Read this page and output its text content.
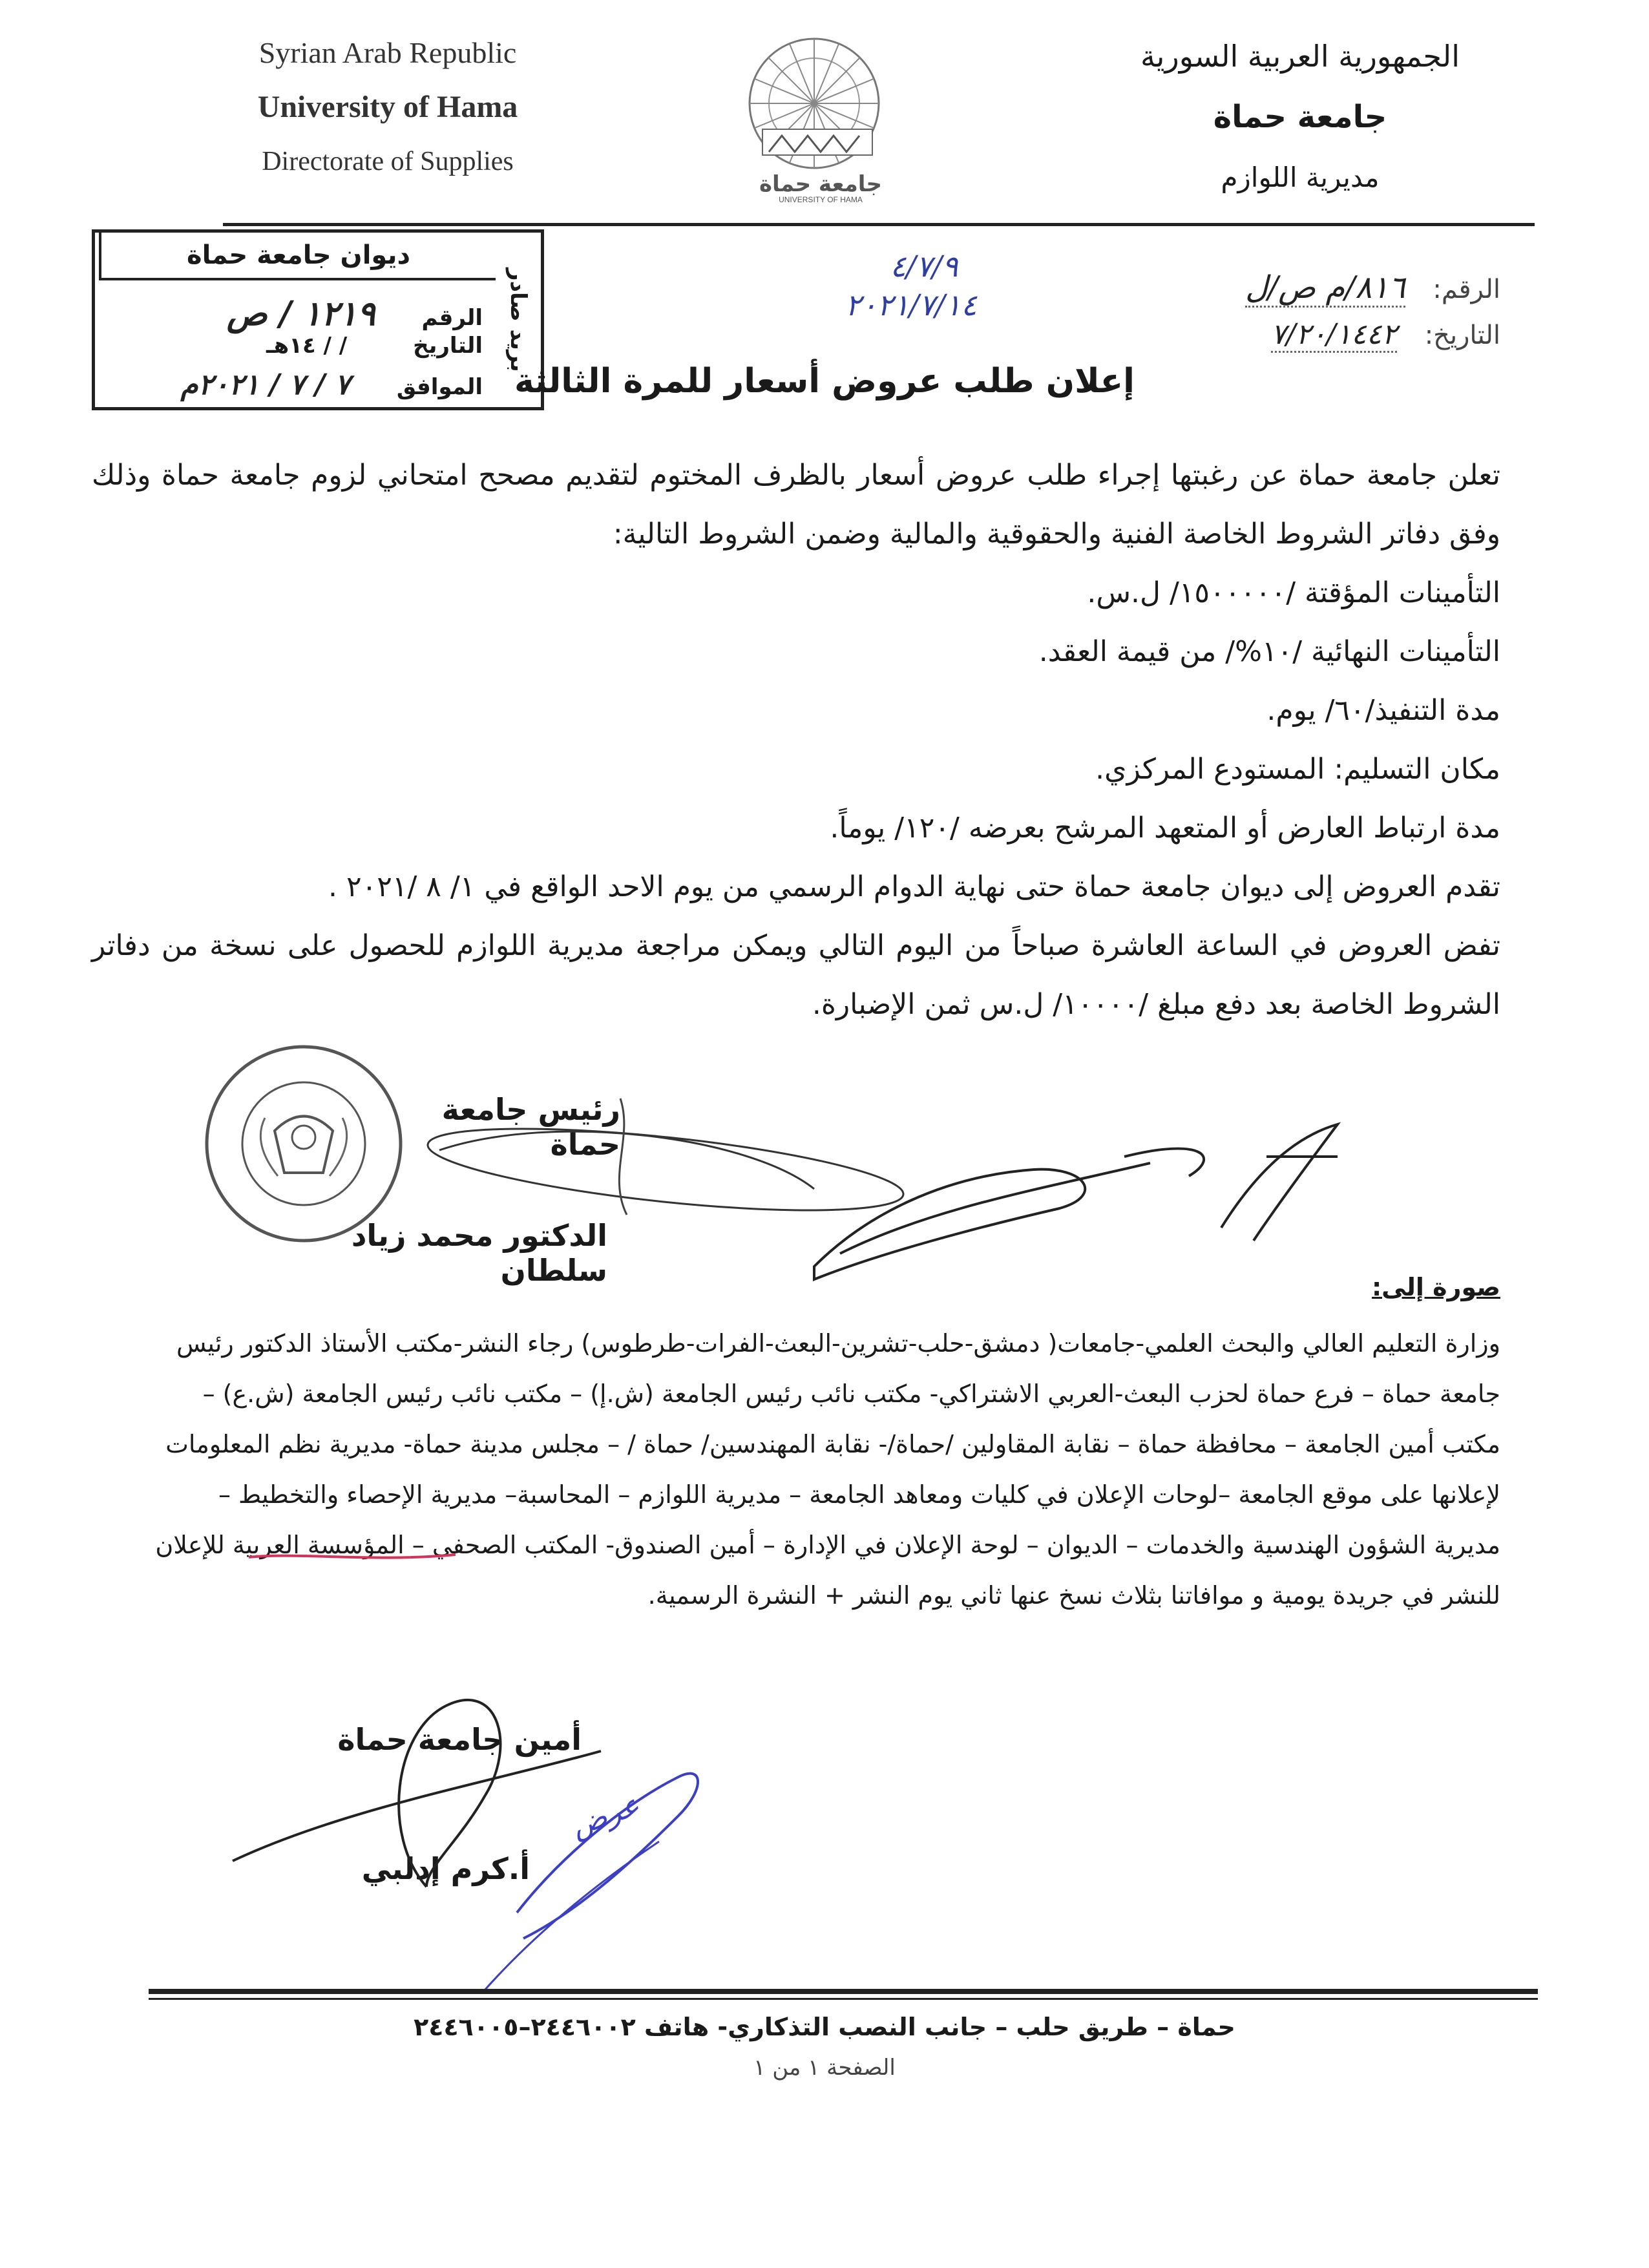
Syrian Arab Republic
University of Hama
Directorate of Supplies
جامعة حماة
UNIVERSITY OF HAMA
الجمهورية العربية السورية
جامعة حماة
مديرية اللوازم
ديوان جامعة حماة
بريد صادر
الرقم ١٢١٩ / ص
التاريخ / / ١٤هـ
الموافق ٧ / ٧ / ٢٠٢١م
٤/٧/٩
٢٠٢١/٧/١٤	الرقم: ٨١٦/م ص/ل
التاريخ: ٧/٢٠/١٤٤٢
إعلان طلب عروض أسعار للمرة الثالثة

تعلن جامعة حماة عن رغبتها إجراء طلب عروض أسعار بالظرف المختوم لتقديم مصحح امتحاني لزوم جامعة حماة وذلك وفق دفاتر الشروط الخاصة الفنية والحقوقية والمالية وضمن الشروط التالية:

التأمينات المؤقتة /١٥٠٠٠٠٠/ ل.س.

التأمينات النهائية /١٠%/ من قيمة العقد.

مدة التنفيذ/٦٠/ يوم.

مكان التسليم: المستودع المركزي.

مدة ارتباط العارض أو المتعهد المرشح بعرضه /١٢٠/ يوماً.

تقدم العروض إلى ديوان جامعة حماة حتى نهاية الدوام الرسمي من يوم الاحد الواقع في ١/ ٨ /٢٠٢١ .

تفض العروض في الساعة العاشرة صباحاً من اليوم التالي ويمكن مراجعة مديرية اللوازم للحصول على نسخة من دفاتر الشروط الخاصة بعد دفع مبلغ /١٠٠٠٠/ ل.س ثمن الإضبارة.

رئيس جامعة حماة
الدكتور محمد زياد سلطان	صورة إلى:

وزارة التعليم العالي والبحث العلمي-جامعات( دمشق-حلب-تشرين-البعث-الفرات-طرطوس) رجاء النشر-مكتب الأستاذ الدكتور رئيس

جامعة حماة – فرع حماة لحزب البعث-العربي الاشتراكي- مكتب نائب رئيس الجامعة (ش.إ) – مكتب نائب رئيس الجامعة (ش.ع) –

مكتب أمين الجامعة – محافظة حماة – نقابة المقاولين /حماة/- نقابة المهندسين/ حماة / – مجلس مدينة حماة- مديرية نظم المعلومات

لإعلانها على موقع الجامعة –لوحات الإعلان في كليات ومعاهد الجامعة – مديرية اللوازم – المحاسبة– مديرية الإحصاء والتخطيط –

مديرية الشؤون الهندسية والخدمات – الديوان – لوحة الإعلان في الإدارة – أمين الصندوق- المكتب الصحفي – المؤسسة العربية للإعلان

للنشر في جريدة يومية و موافاتنا بثلاث نسخ عنها ثاني يوم النشر + النشرة الرسمية.

أمين جامعة حماة
أ.كرم إدلبي
عرض
حماة – طريق حلب – جانب النصب التذكاري- هاتف ٢٤٤٦٠٠٢–٢٤٤٦٠٠٥
الصفحة ١ من ١
